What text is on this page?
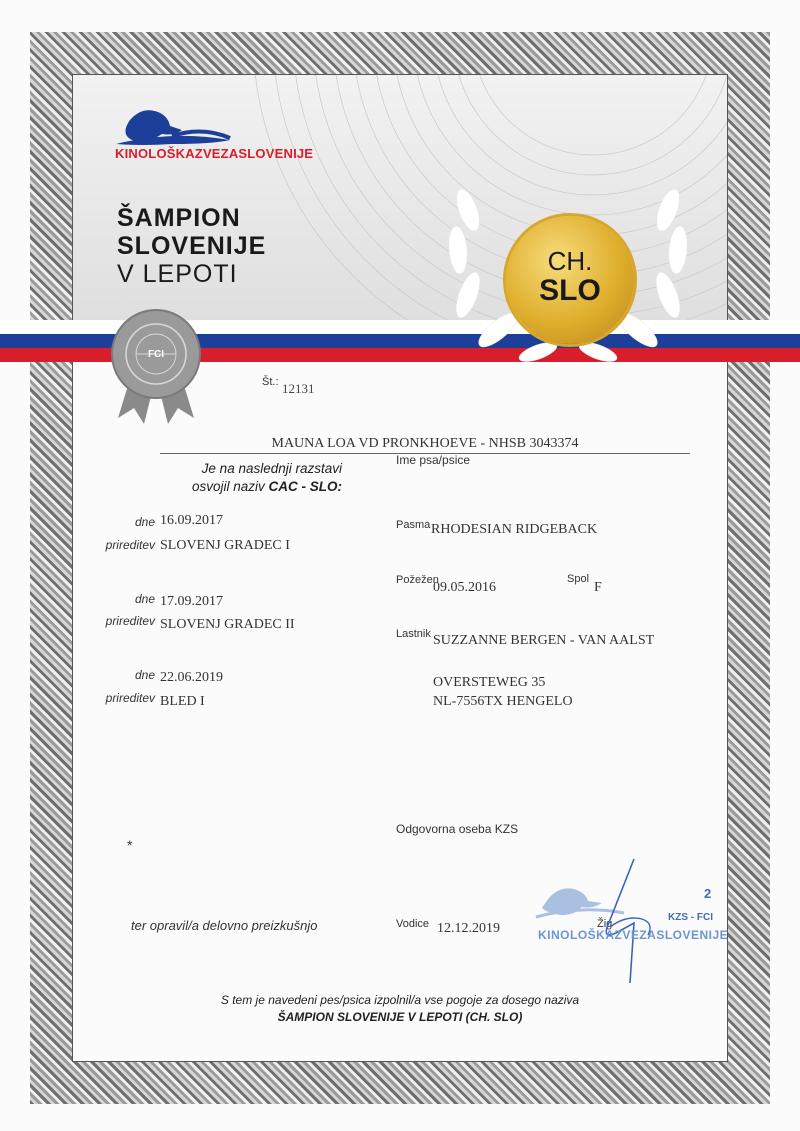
KINOLOŠKAZVEZASLOVENIJE
ŠAMPION
SLOVENIJE
V LEPOTI	CH.
SLO
FCI
Št.: 12131
MAUNA LOA VD PRONKHOEVE - NHSB 3043374
Ime psa/psice
Je na naslednji razstavi
osvojil naziv CAC - SLO:
dne 16.09.2017
prireditev SLOVENJ GRADEC I
dne 17.09.2017
prireditev SLOVENJ GRADEC II
dne 22.06.2019
prireditev BLED I
Pasma RHODESIAN RIDGEBACK
Požežen
09.05.2016
Spol
F
Lastnik SUZZANNE BERGEN - VAN AALST
OVERSTEWEG 35
NL-7556TX HENGELO
*
Odgovorna oseba KZS
ter opravil/a delovno preizkušnjo	Vodice 12.12.2019	Žig
2
KZS - FCI
KINOLOŠKAZVEZASLOVENIJE
S tem je navedeni pes/psica izpolnil/a vse pogoje za dosego naziva
ŠAMPION SLOVENIJE V LEPOTI (CH. SLO)
